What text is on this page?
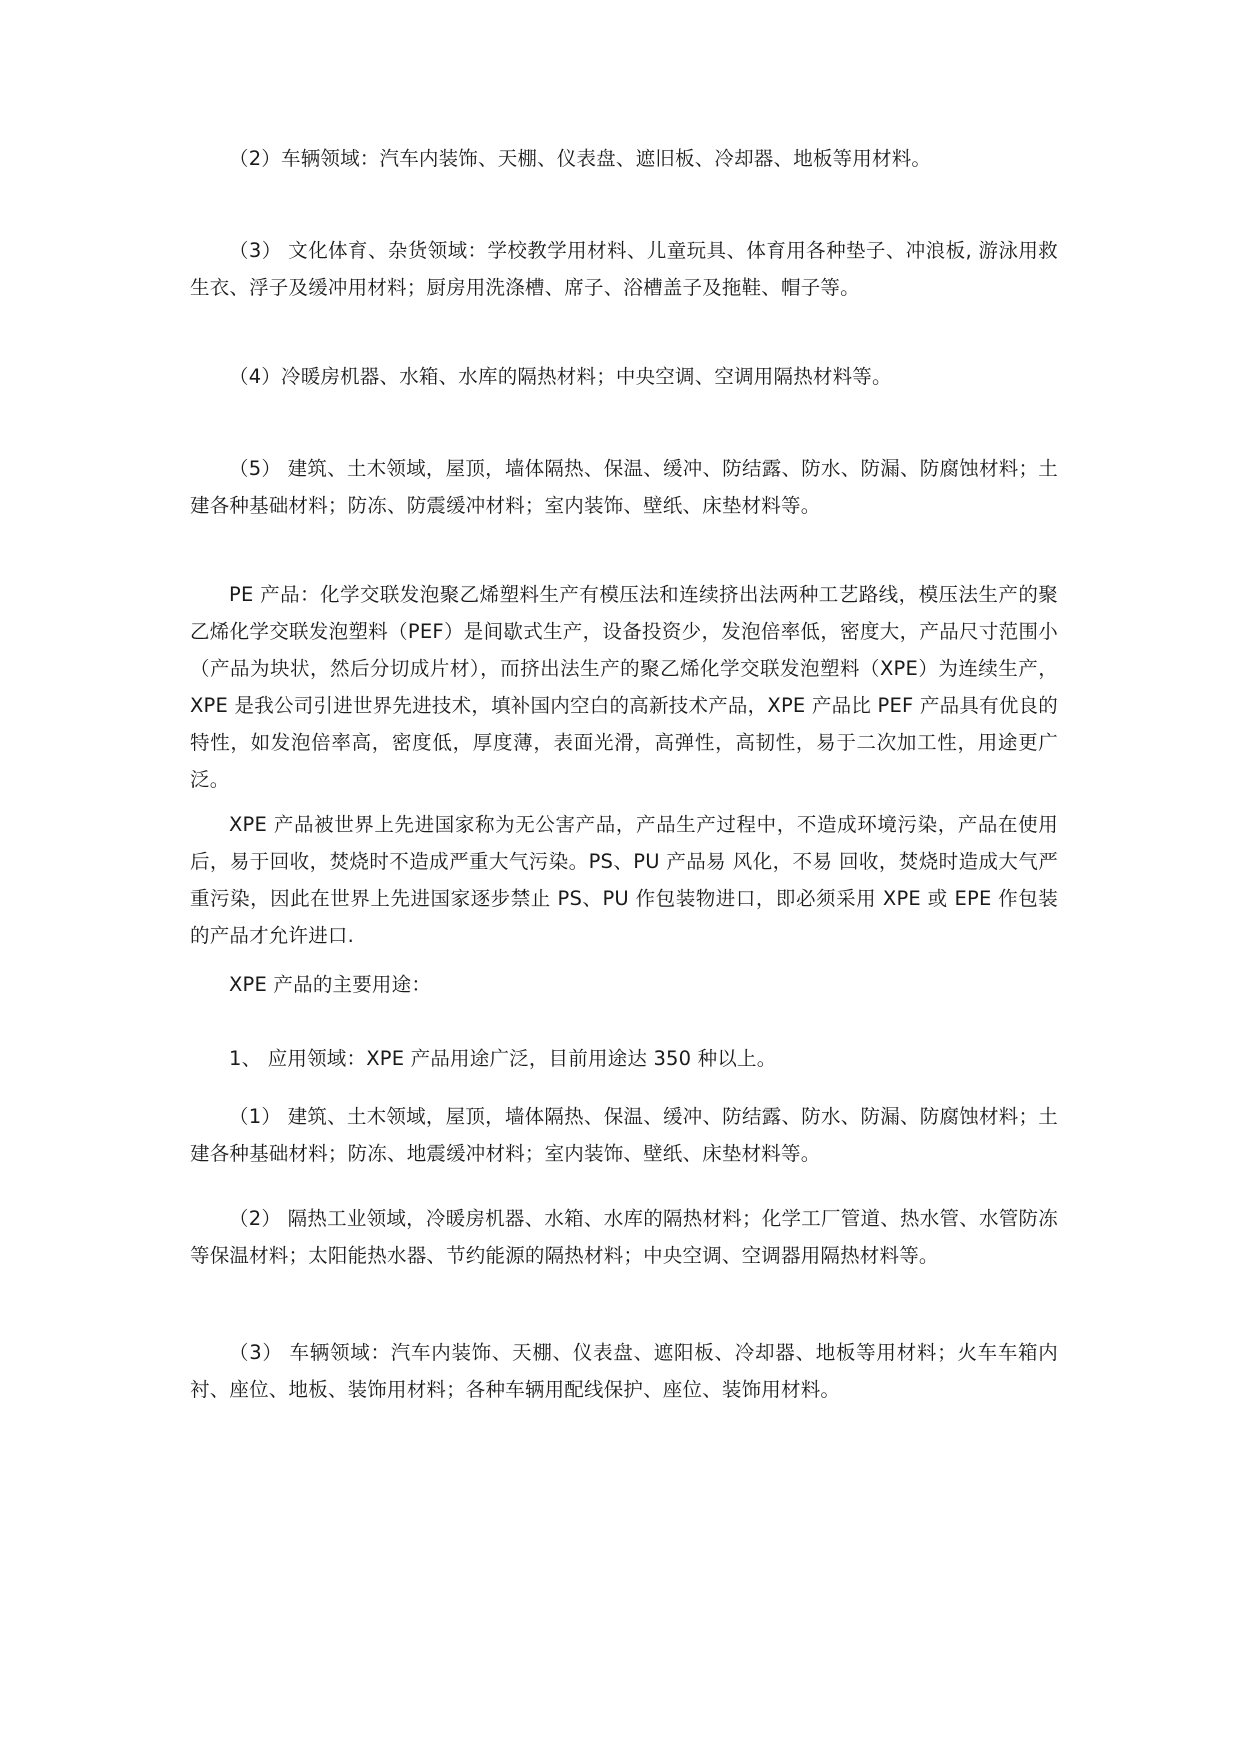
（2）车辆领域：汽车内装饰、天棚、仪表盘、遮旧板、冷却器、地板等用材料。

（3） 文化体育、杂货领域：学校教学用材料、儿童玩具、体育用各种垫子、冲浪板, 游泳用救生衣、浮子及缓冲用材料；厨房用洗涤槽、席子、浴槽盖子及拖鞋、帽子等。

（4）冷暖房机器、水箱、水库的隔热材料；中央空调、空调用隔热材料等。

（5） 建筑、土木领域，屋顶，墙体隔热、保温、缓冲、防结露、防水、防漏、防腐蚀材料；土建各种基础材料；防冻、防震缓冲材料；室内装饰、壁纸、床垫材料等。

PE 产品：化学交联发泡聚乙烯塑料生产有模压法和连续挤出法两种工艺路线，模压法生产的聚乙烯化学交联发泡塑料（PEF）是间歇式生产，设备投资少，发泡倍率低，密度大，产品尺寸范围小（产品为块状，然后分切成片材），而挤出法生产的聚乙烯化学交联发泡塑料（XPE）为连续生产，XPE 是我公司引进世界先进技术，填补国内空白的高新技术产品，XPE 产品比 PEF 产品具有优良的特性，如发泡倍率高，密度低，厚度薄，表面光滑，高弹性，高韧性，易于二次加工性，用途更广泛。

XPE 产品被世界上先进国家称为无公害产品，产品生产过程中，不造成环境污染，产品在使用后，易于回收，焚烧时不造成严重大气污染。PS、PU 产品易 风化，不易 回收，焚烧时造成大气严重污染，因此在世界上先进国家逐步禁止 PS、PU 作包装物进口，即必须采用 XPE 或 EPE 作包装的产品才允许进口.

XPE 产品的主要用途：

1、 应用领域：XPE 产品用途广泛，目前用途达 350 种以上。

（1） 建筑、土木领域，屋顶，墙体隔热、保温、缓冲、防结露、防水、防漏、防腐蚀材料；土建各种基础材料；防冻、地震缓冲材料；室内装饰、壁纸、床垫材料等。

（2） 隔热工业领域，冷暖房机器、水箱、水库的隔热材料；化学工厂管道、热水管、水管防冻等保温材料；太阳能热水器、节约能源的隔热材料；中央空调、空调器用隔热材料等。

（3） 车辆领域：汽车内装饰、天棚、仪表盘、遮阳板、冷却器、地板等用材料；火车车箱内衬、座位、地板、装饰用材料；各种车辆用配线保护、座位、装饰用材料。
